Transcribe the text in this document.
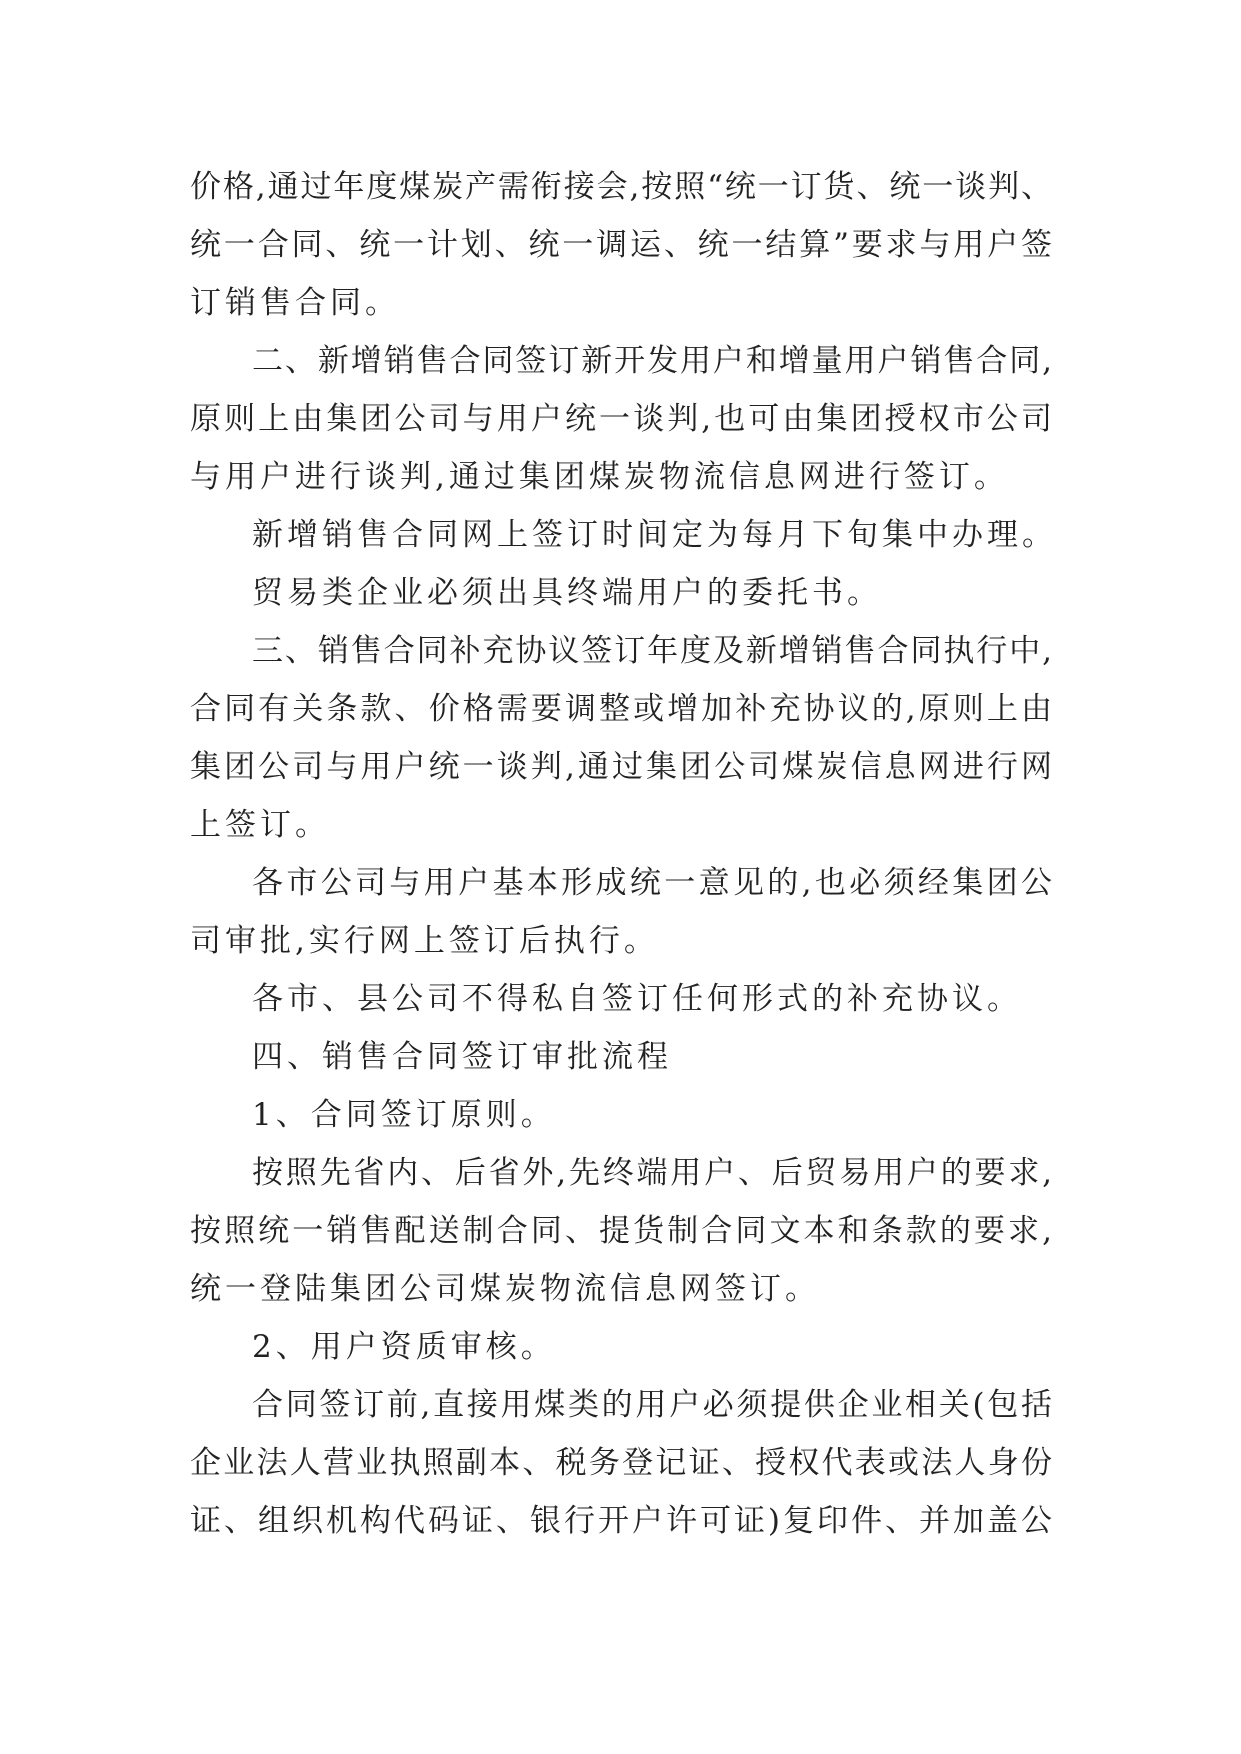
价格,通过年度煤炭产需衔接会,按照“统一订货、统一谈判、
统一合同、统一计划、统一调运、统一结算”要求与用户签
订销售合同。
二、新增销售合同签订新开发用户和增量用户销售合同,
原则上由集团公司与用户统一谈判,也可由集团授权市公司
与用户进行谈判,通过集团煤炭物流信息网进行签订。
新增销售合同网上签订时间定为每月下旬集中办理。
贸易类企业必须出具终端用户的委托书。
三、销售合同补充协议签订年度及新增销售合同执行中,
合同有关条款、价格需要调整或增加补充协议的,原则上由
集团公司与用户统一谈判,通过集团公司煤炭信息网进行网
上签订。
各市公司与用户基本形成统一意见的,也必须经集团公
司审批,实行网上签订后执行。
各市、县公司不得私自签订任何形式的补充协议。
四、销售合同签订审批流程
1、合同签订原则。
按照先省内、后省外,先终端用户、后贸易用户的要求,
按照统一销售配送制合同、提货制合同文本和条款的要求,
统一登陆集团公司煤炭物流信息网签订。
2、用户资质审核。
合同签订前,直接用煤类的用户必须提供企业相关(包括
企业法人营业执照副本、税务登记证、授权代表或法人身份
证、组织机构代码证、银行开户许可证)复印件、并加盖公
